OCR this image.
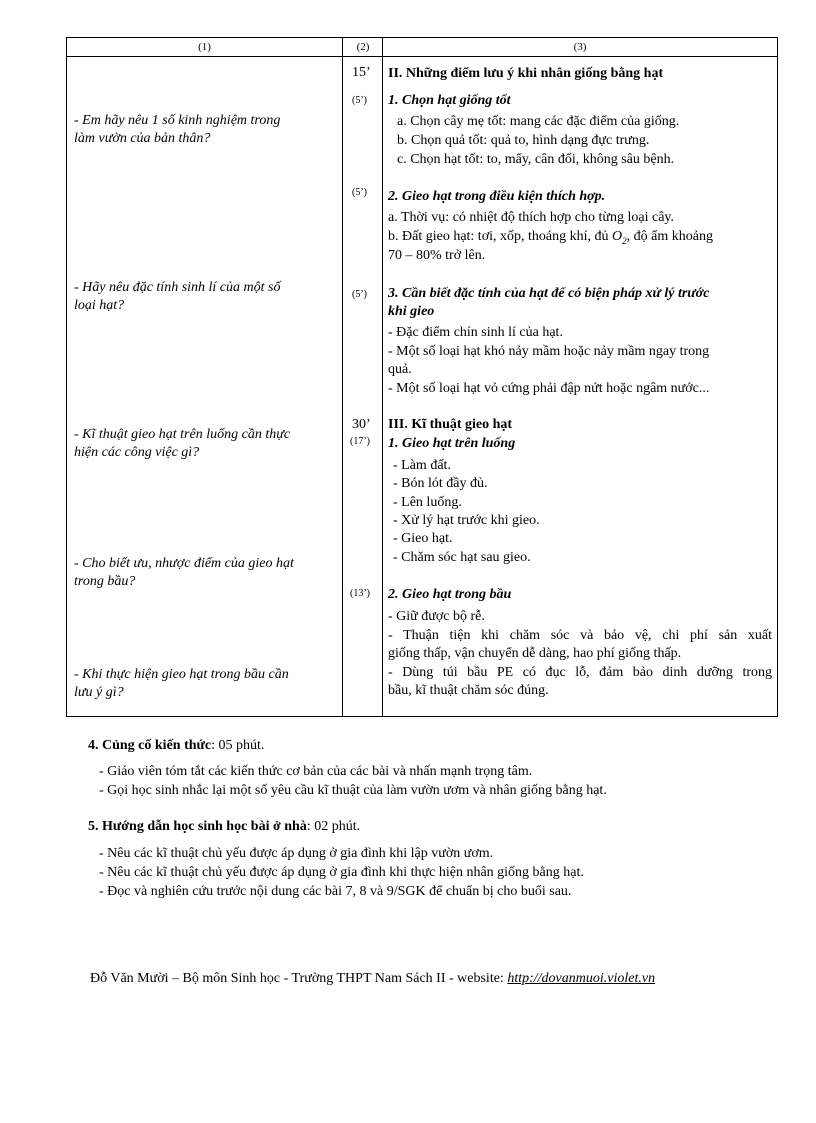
(1)	(2)	(3)
- Em hãy nêu 1 số kinh nghiệm trong
làm vườn của bản thân?
- Hãy nêu đặc tính sinh lí của một số
loại hạt?
- Kĩ thuật gieo hạt trên luống cần thực
hiện các công việc gì?
- Cho biết ưu, nhược điểm của gieo hạt
trong bầu?
- Khi thực hiện gieo hạt trong bầu cần
lưu ý gì?
15’
(5’)
(5’)
(5’)
30’
(17’)
(13’)
II. Những điểm lưu ý khi nhân giống bằng hạt
1. Chọn hạt giống tốt
a. Chọn cây mẹ tốt: mang các đặc điểm của giống.
b. Chọn quả tốt: quả to, hình dạng đực trưng.
c. Chọn hạt tốt: to, mẩy, cân đối, không sâu bệnh.
2. Gieo hạt trong điều kiện thích hợp.
a. Thời vụ: có nhiệt độ thích hợp cho từng loại cây.
b. Đất gieo hạt: tơi, xốp, thoáng khí, đủ $O_2$, độ ẩm khoảng
70 – 80% trở lên.
3. Cần biết đặc tính của hạt để có biện pháp xử lý trước
khi gieo
- Đặc điểm chín sinh lí của hạt.
- Một số loại hạt khó nảy mầm hoặc nảy mầm ngay trong
quả.
- Một số loại hạt vỏ cứng phải đập nứt hoặc ngâm nước...
III. Kĩ thuật gieo hạt
1. Gieo hạt trên luống
- Làm đất.
- Bón lót đầy đủ.
- Lên luống.
- Xử lý hạt trước khi gieo.
- Gieo hạt.
- Chăm sóc hạt sau gieo.
2. Gieo hạt trong bầu
- Giữ được bộ rễ.
- Thuận tiện khi chăm sóc và bảo vệ, chi phí sản xuất
giống thấp, vận chuyển dễ dàng, hao phí giống thấp.
- Dùng túi bầu PE có đục lỗ, đảm bảo dinh dưỡng trong
bầu, kĩ thuật chăm sóc đúng.
4. Củng cố kiến thức: 05 phút.
- Giáo viên tóm tắt các kiến thức cơ bản của các bài và nhấn mạnh trọng tâm.
- Gọi học sinh nhắc lại một số yêu cầu kĩ thuật của làm vườn ươm và nhân giống bằng hạt.
5. Hướng dẫn học sinh học bài ở nhà: 02 phút.
- Nêu các kĩ thuật chủ yếu được áp dụng ở gia đình khi lập vườn ươm.
- Nêu các kĩ thuật chủ yếu được áp dụng ở gia đình khi thực hiện nhân giống bằng hạt.
- Đọc và nghiên cứu trước nội dung các bài 7, 8 và 9/SGK để chuẩn bị cho buổi sau.
Đỗ Văn Mười – Bộ môn Sinh học - Trường THPT Nam Sách II - website: http://dovanmuoi.violet.vn
